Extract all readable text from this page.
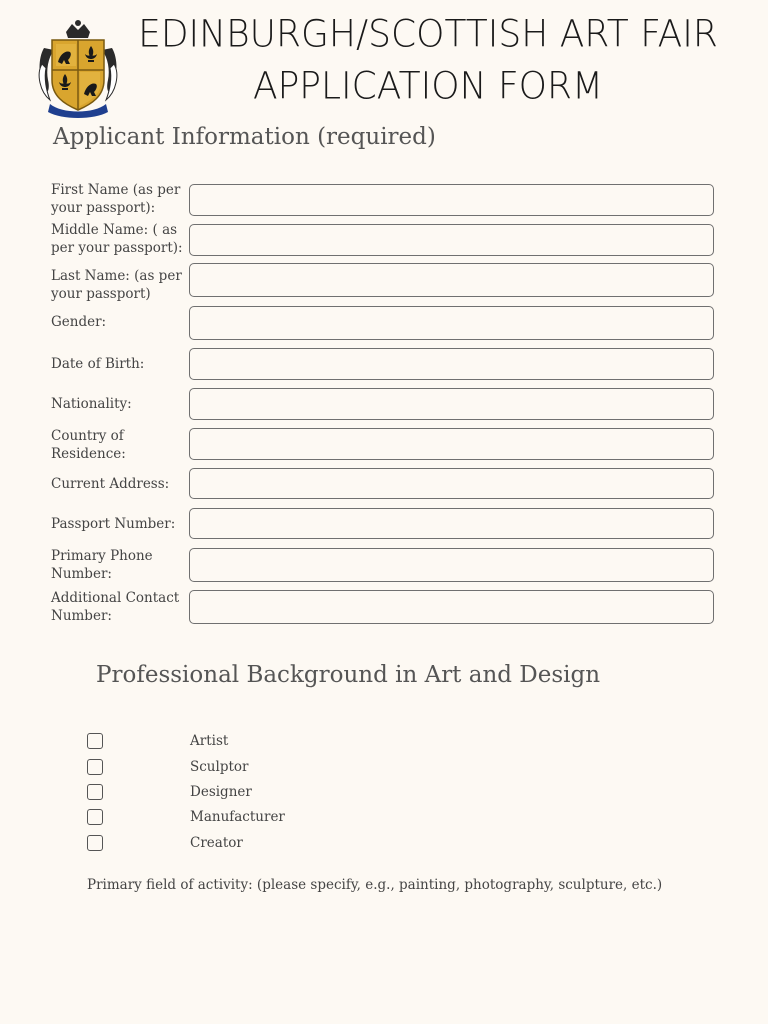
EDINBURGH/SCOTTISH ART FAIR
APPLICATION FORM
Applicant Information (required)
First Name (as per
your passport):
Middle Name: ( as
per your passport):
Last Name: (as per
your passport)
Gender:
Date of Birth:
Nationality:
Country of
Residence:
Current Address:
Passport Number:
Primary Phone
Number:
Additional Contact
Number:
Professional Background in Art and Design
Artist
Sculptor
Designer
Manufacturer
Creator
Primary field of activity: (please specify, e.g., painting, photography, sculpture, etc.)
